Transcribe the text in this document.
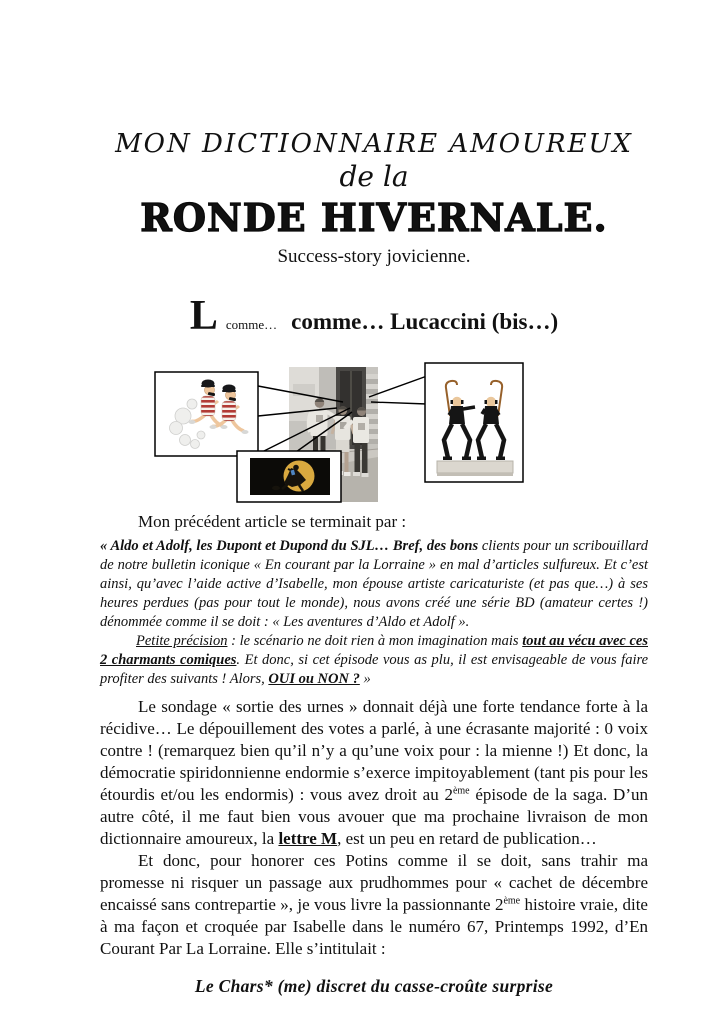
MON DICTIONNAIRE AMOUREUX
de la
RONDE HIVERNALE.
Success-story jovicienne.
Lcomme… comme… Lucaccini (bis…)

Mon précédent article se terminait par :

« Aldo et Adolf, les Dupont et Dupond du SJL… Bref, des bons clients pour un scribouillard de notre bulletin iconique « En courant par la Lorraine » en mal d’articles sulfureux. Et c’est ainsi, qu’avec l’aide active d’Isabelle, mon épouse artiste caricaturiste (et pas que…) à ses heures perdues (pas pour tout le monde), nous avons créé une série BD (amateur certes !) dénommée comme il se doit : « Les aventures d’Aldo et Adolf ».

Petite précision : le scénario ne doit rien à mon imagination mais tout au vécu avec ces 2 charmants comiques. Et donc, si cet épisode vous as plu, il est envisageable de vous faire profiter des suivants ! Alors, OUI ou NON ? »

Le sondage « sortie des urnes » donnait déjà une forte tendance forte à la récidive… Le dépouillement des votes a parlé, à une écrasante majorité : 0 voix contre ! (remarquez bien qu’il n’y a qu’une voix pour : la mienne !) Et donc, la démocratie spiridonnienne endormie s’exerce impitoyablement (tant pis pour les étourdis et/ou les endormis) : vous avez droit au 2ème épisode de la saga. D’un autre côté, il me faut bien vous avouer que ma prochaine livraison de mon dictionnaire amoureux, la lettre M, est un peu en retard de publication…

Et donc, pour honorer ces Potins comme il se doit, sans trahir ma promesse ni risquer un passage aux prudhommes pour « cachet de décembre encaissé sans contrepartie », je vous livre la passionnante 2ème histoire vraie, dite à ma façon et croquée par Isabelle dans le numéro 67, Printemps 1992, d’En Courant Par La Lorraine. Elle s’intitulait :

Le Chars* (me) discret du casse-croûte surprise
